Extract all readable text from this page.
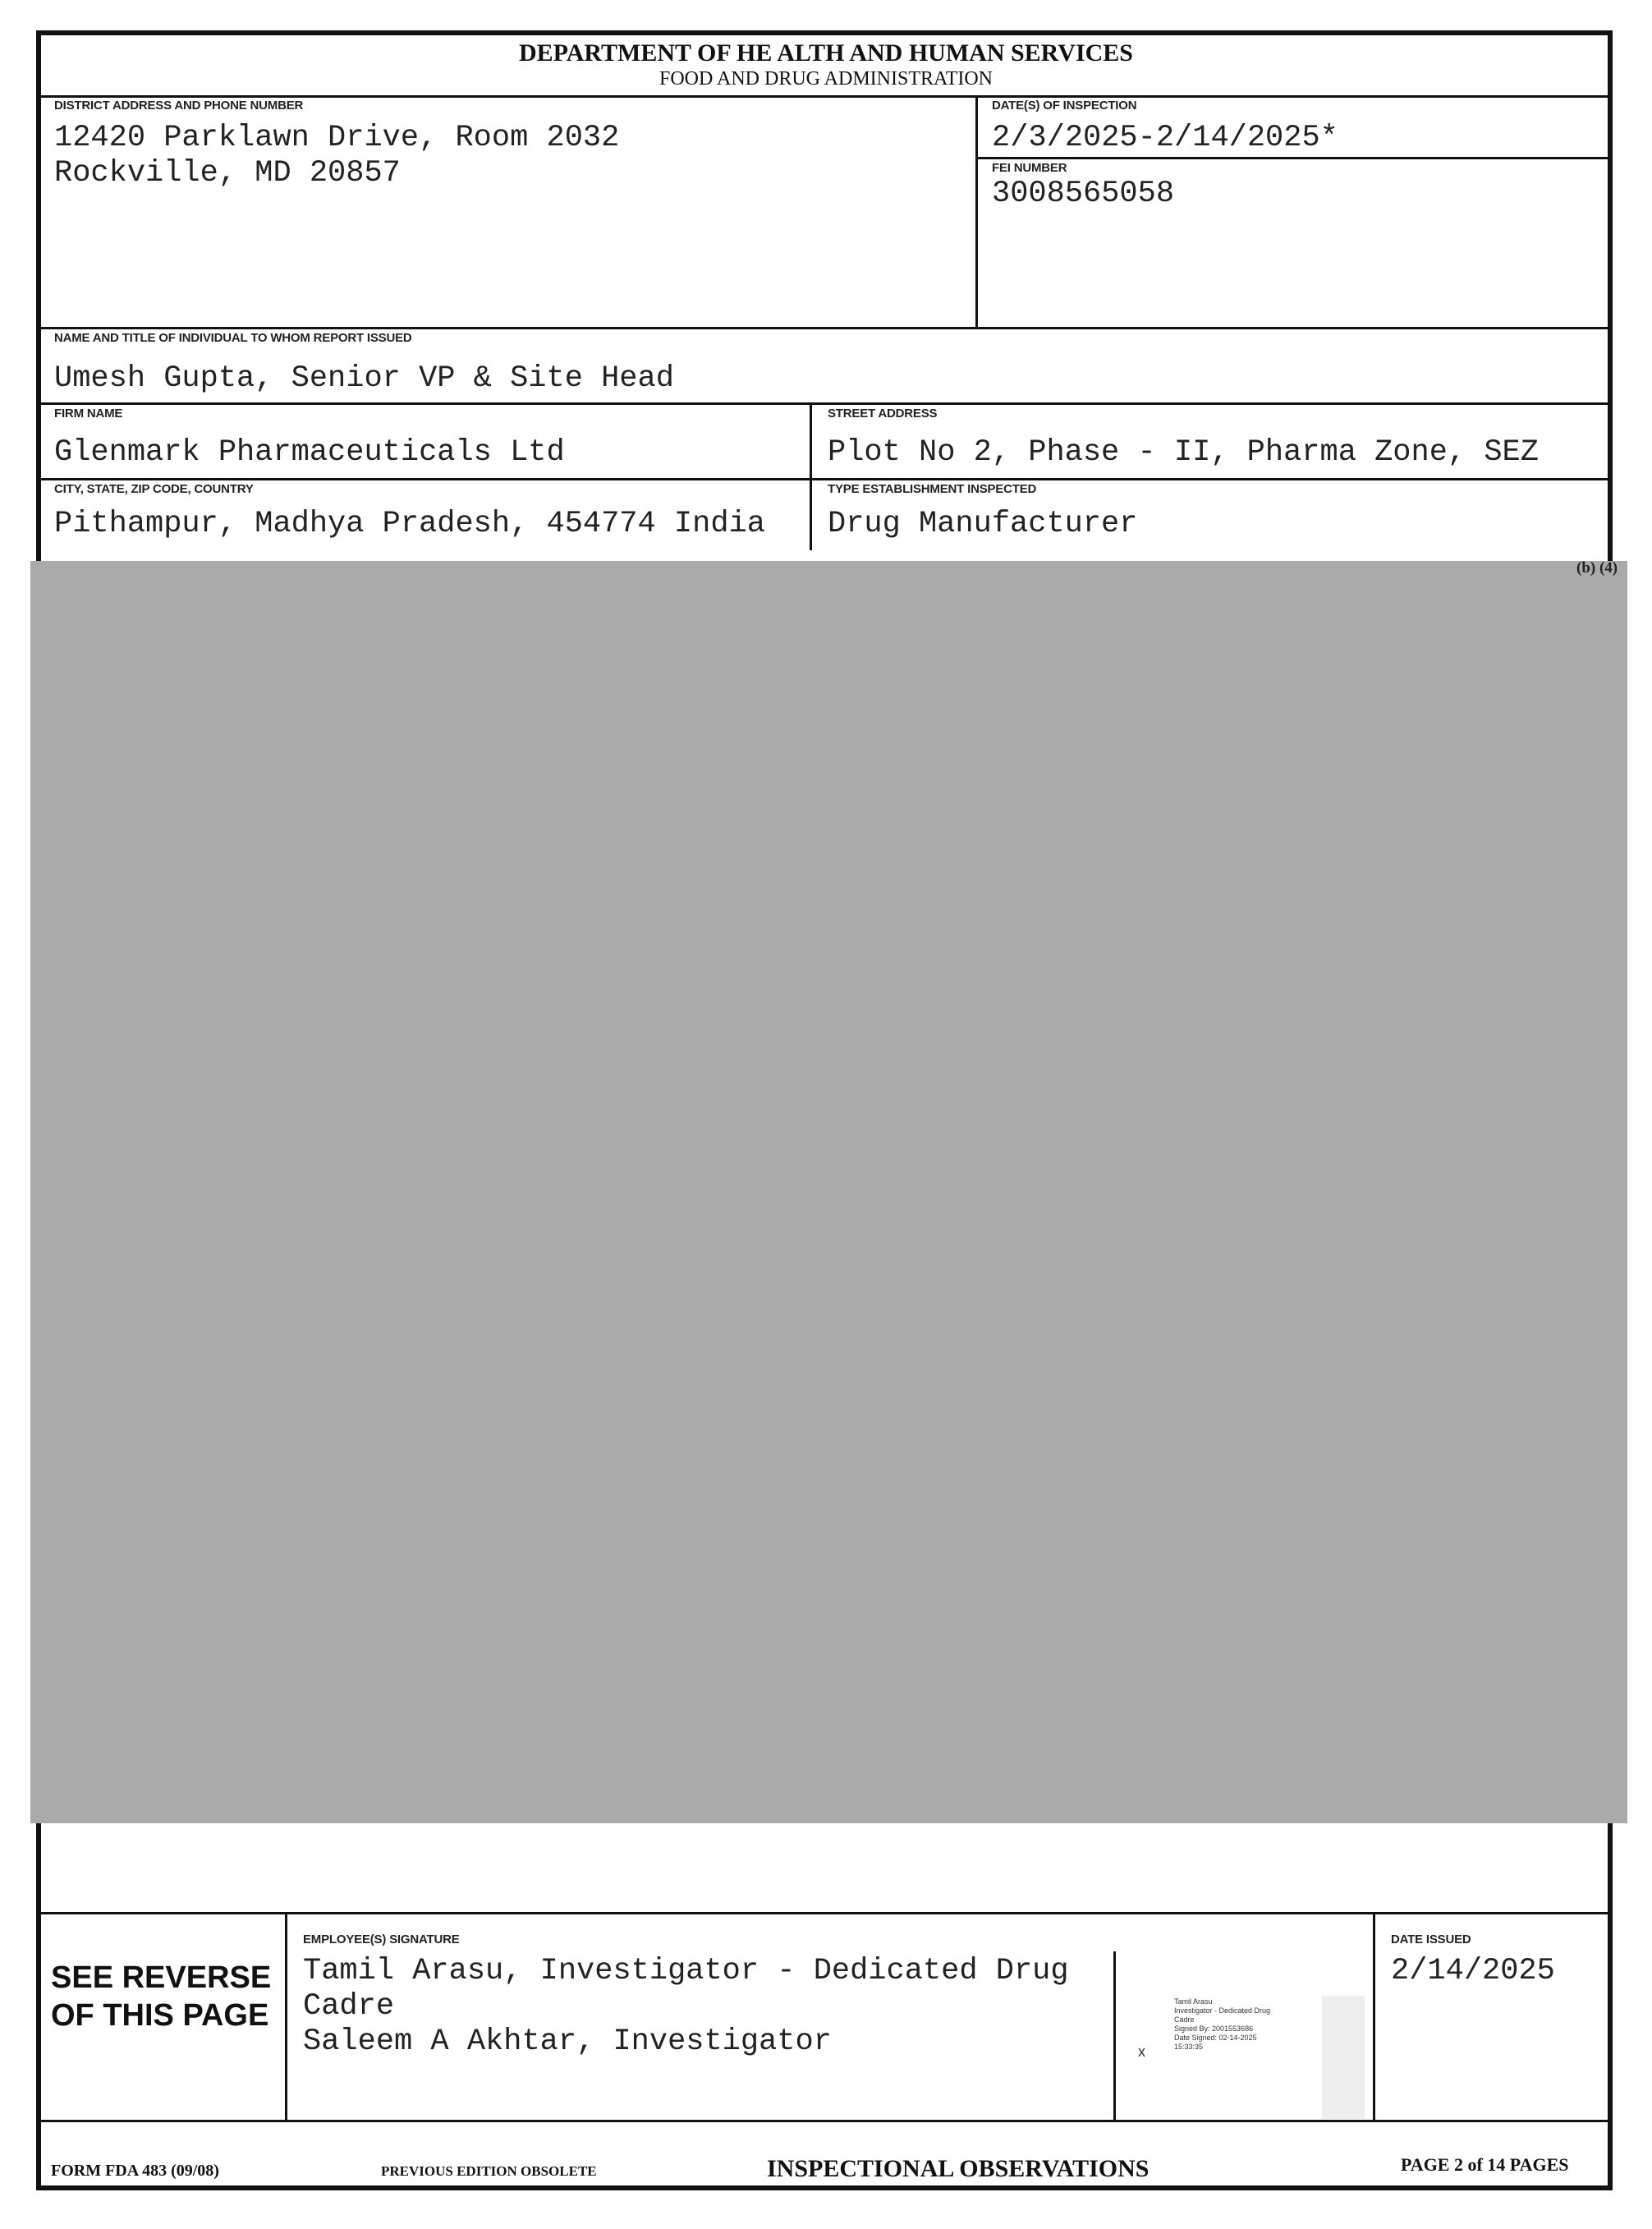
DEPARTMENT OF HE ALTH AND HUMAN SERVICES
FOOD AND DRUG ADMINISTRATION
DISTRICT ADDRESS AND PHONE NUMBER
12420 Parklawn Drive, Room 2032
Rockville, MD 20857
DATE(S) OF INSPECTION
2/3/2025-2/14/2025*
FEI NUMBER
3008565058
NAME AND TITLE OF INDIVIDUAL TO WHOM REPORT ISSUED
Umesh Gupta, Senior VP & Site Head
FIRM NAME
Glenmark Pharmaceuticals Ltd
STREET ADDRESS
Plot No 2, Phase - II, Pharma Zone, SEZ
CITY, STATE, ZIP CODE, COUNTRY
Pithampur, Madhya Pradesh, 454774 India
TYPE ESTABLISHMENT INSPECTED
Drug Manufacturer
(b) (4)
SEE REVERSE
OF THIS PAGE
EMPLOYEE(S) SIGNATURE
Tamil Arasu, Investigator - Dedicated Drug
Cadre
Saleem A Akhtar, Investigator	x
Tamil Arasu
Investigator - Dedicated Drug
Cadre
Signed By: 2001553686
Date Signed: 02-14-2025
15:33:35
DATE ISSUED
2/14/2025
FORM FDA 483 (09/08)	PREVIOUS EDITION OBSOLETE	INSPECTIONAL OBSERVATIONS	PAGE 2 of 14 PAGES
